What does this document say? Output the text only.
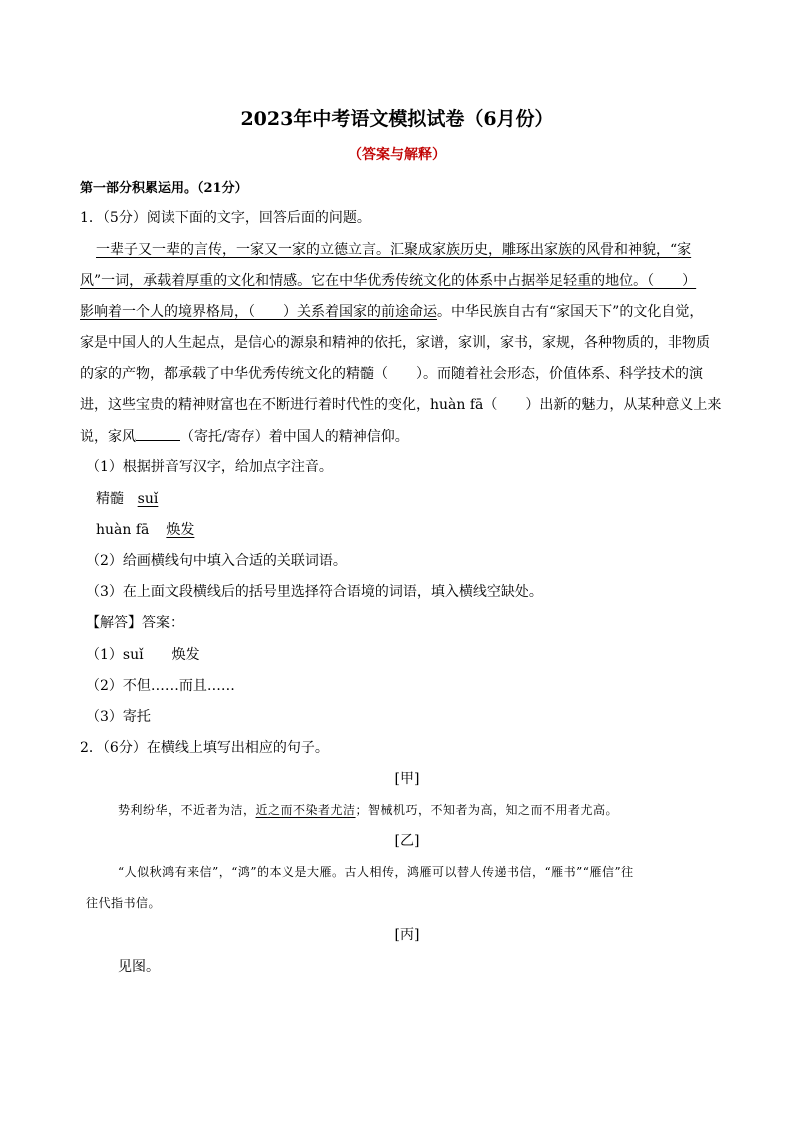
2023年中考语文模拟试卷（6月份）
（答案与解释）
第一部分积累运用。（21分）
1．（5分）阅读下面的文字，回答后面的问题。
一辈子又一辈的言传，一家又一家的立德立言。汇聚成家族历史，雕琢出家族的风骨和神貌，“家
风”一词，承载着厚重的文化和情感。它在中华优秀传统文化的体系中占据举足轻重的地位。（　　）
影响着一个人的境界格局，（　　）关系着国家的前途命运。中华民族自古有“家国天下”的文化自觉，
家是中国人的人生起点，是信心的源泉和精神的依托，家谱，家训，家书，家规，各种物质的，非物质
的家的产物，都承载了中华优秀传统文化的精髓（　　）。而随着社会形态，价值体系、科学技术的演
进，这些宝贵的精神财富也在不断进行着时代性的变化，huàn fā（　　）出新的魅力，从某种意义上来
说，家风	（寄托/寄存）着中国人的精神信仰。
（1）根据拼音写汉字，给加点字注音。
精髓 suǐ
huàn fā 焕发
（2）给画横线句中填入合适的关联词语。
（3）在上面文段横线后的括号里选择符合语境的词语，填入横线空缺处。
【解答】答案：
（1）suǐ　　焕发
（2）不但……而且……
（3）寄托
2．（6分）在横线上填写出相应的句子。
[甲]
势利纷华，不近者为洁，近之而不染者尤洁；智械机巧，不知者为高，知之而不用者尤高。
[乙]
“人似秋鸿有来信”，“鸿”的本义是大雁。古人相传，鸿雁可以替人传递书信，“雁书”“雁信”往
往代指书信。
[丙]
见图。
